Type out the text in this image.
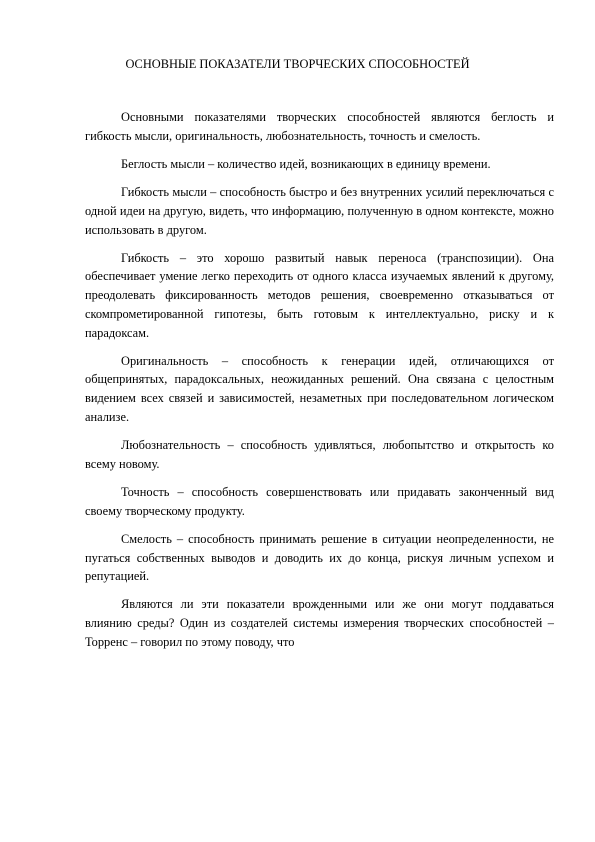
ОСНОВНЫЕ ПОКАЗАТЕЛИ ТВОРЧЕСКИХ СПОСОБНОСТЕЙ

Основными показателями творческих способностей являются беглость и гибкость мысли, оригинальность, любознательность, точность и смелость.

Беглость мысли – количество идей, возникающих в единицу времени.

Гибкость мысли – способность быстро и без внутренних усилий переключаться с одной идеи на другую, видеть, что информацию, полученную в одном контексте, можно использовать в другом.

Гибкость – это хорошо развитый навык переноса (транспозиции). Она обеспечивает умение легко переходить от одного класса изучаемых явлений к другому, преодолевать фиксированность методов решения, своевременно отказываться от скомпрометированной гипотезы, быть готовым к интеллектуально, риску и к парадоксам.

Оригинальность – способность к генерации идей, отличающихся от общепринятых, парадоксальных, неожиданных решений. Она связана с целостным видением всех связей и зависимостей, незаметных при последовательном логическом анализе.

Любознательность – способность удивляться, любопытство и открытость ко всему новому.

Точность – способность совершенствовать или придавать законченный вид своему творческому продукту.

Смелость – способность принимать решение в ситуации неопределенности, не пугаться собственных выводов и доводить их до конца, рискуя личным успехом и репутацией.

Являются ли эти показатели врожденными или же они могут поддаваться влиянию среды? Один из создателей системы измерения творческих способностей – Торренс – говорил по этому поводу, что
